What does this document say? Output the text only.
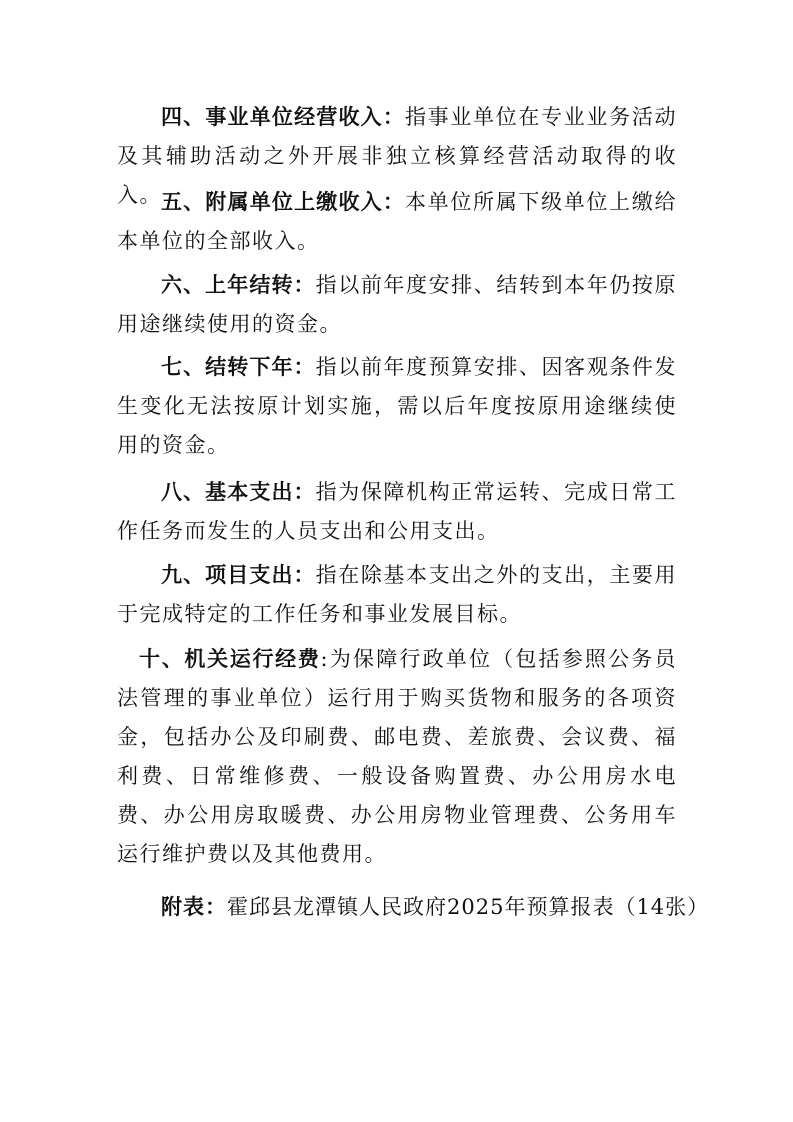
四、事业单位经营收入：指事业单位在专业业务活动及其辅助活动之外开展非独立核算经营活动取得的收入。 五、附属单位上缴收入：本单位所属下级单位上缴给本单位的全部收入。

六、上年结转：指以前年度安排、结转到本年仍按原用途继续使用的资金。

七、结转下年：指以前年度预算安排、因客观条件发生变化无法按原计划实施，需以后年度按原用途继续使用的资金。

八、基本支出：指为保障机构正常运转、完成日常工作任务而发生的人员支出和公用支出。

九、项目支出：指在除基本支出之外的支出，主要用于完成特定的工作任务和事业发展目标。

十、机关运行经费:为保障行政单位（包括参照公务员法管理的事业单位）运行用于购买货物和服务的各项资金，包括办公及印刷费、邮电费、差旅费、会议费、福利费、日常维修费、一般设备购置费、办公用房水电费、办公用房取暖费、办公用房物业管理费、公务用车运行维护费以及其他费用。

附表：霍邱县龙潭镇人民政府2025年预算报表（14张）
